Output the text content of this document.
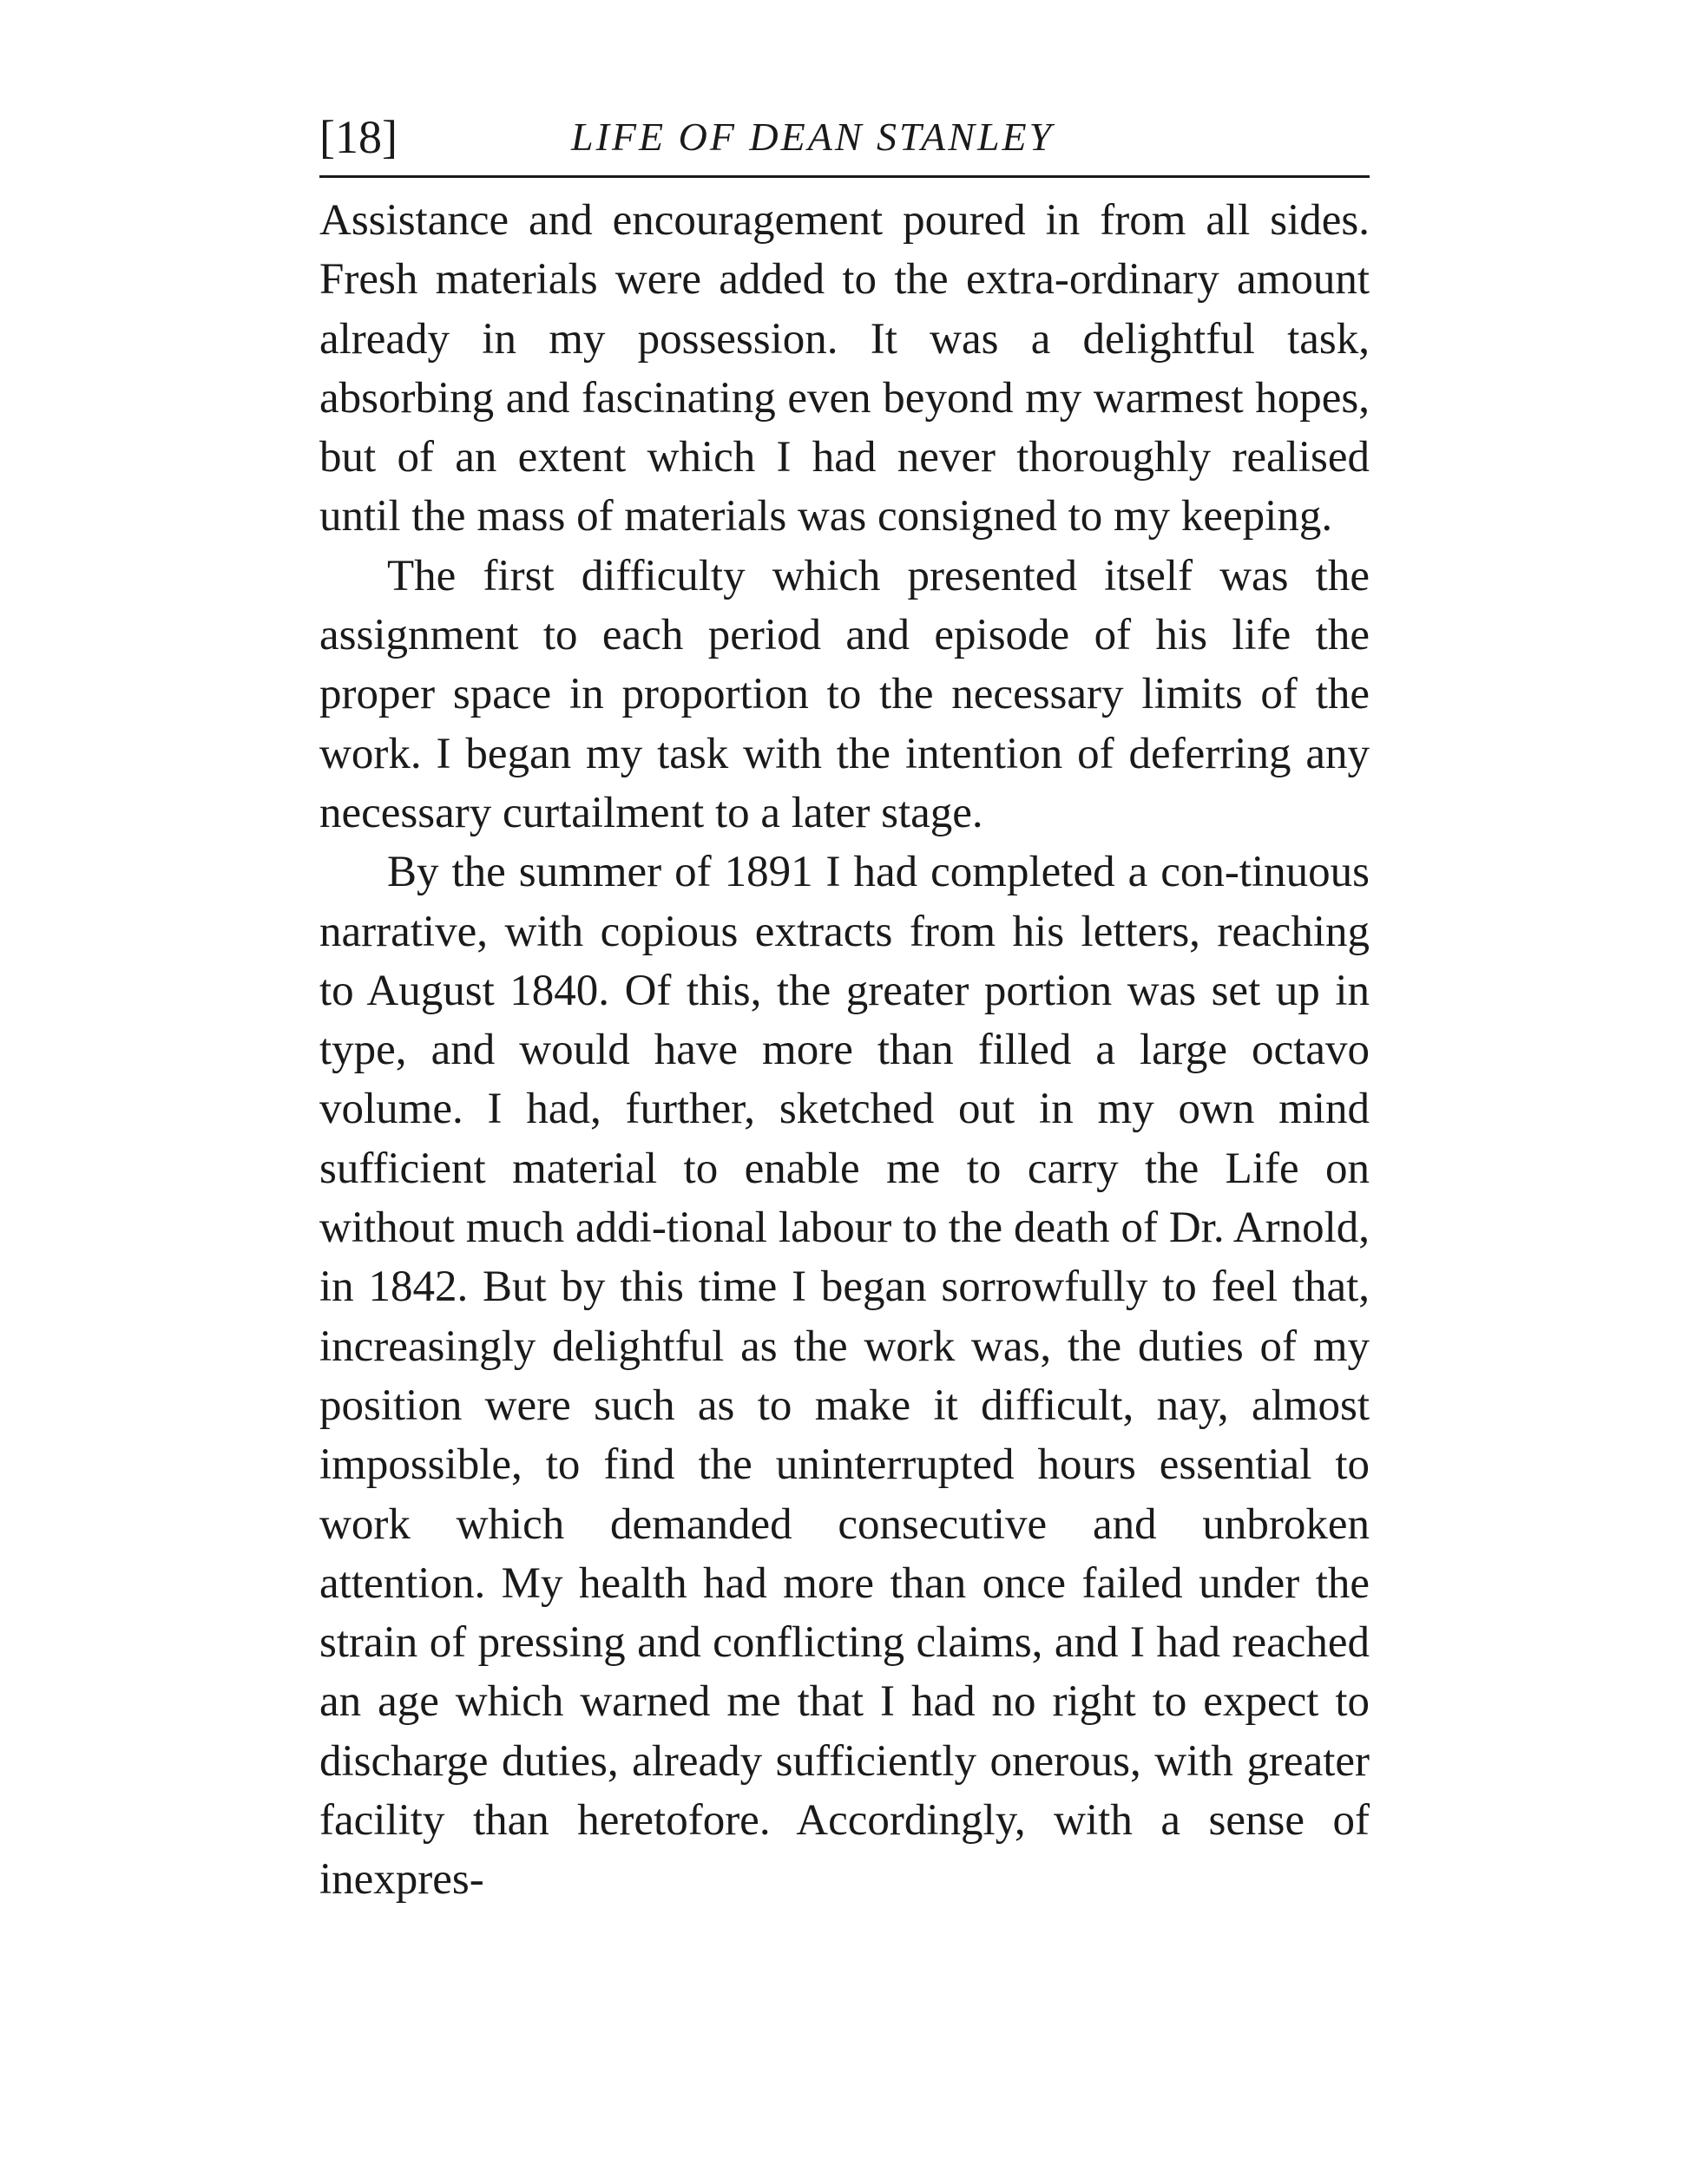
[18]	LIFE OF DEAN STANLEY

Assistance and encouragement poured in from all sides. Fresh materials were added to the extra-ordinary amount already in my possession. It was a delightful task, absorbing and fascinating even beyond my warmest hopes, but of an extent which I had never thoroughly realised until the mass of materials was consigned to my keeping.

The first difficulty which presented itself was the assignment to each period and episode of his life the proper space in proportion to the necessary limits of the work. I began my task with the intention of deferring any necessary curtailment to a later stage.

By the summer of 1891 I had completed a con-tinuous narrative, with copious extracts from his letters, reaching to August 1840. Of this, the greater portion was set up in type, and would have more than filled a large octavo volume. I had, further, sketched out in my own mind sufficient material to enable me to carry the Life on without much addi-tional labour to the death of Dr. Arnold, in 1842. But by this time I began sorrowfully to feel that, increasingly delightful as the work was, the duties of my position were such as to make it difficult, nay, almost impossible, to find the uninterrupted hours essential to work which demanded consecutive and unbroken attention. My health had more than once failed under the strain of pressing and conflicting claims, and I had reached an age which warned me that I had no right to expect to discharge duties, already sufficiently onerous, with greater facility than heretofore. Accordingly, with a sense of inexpres-
